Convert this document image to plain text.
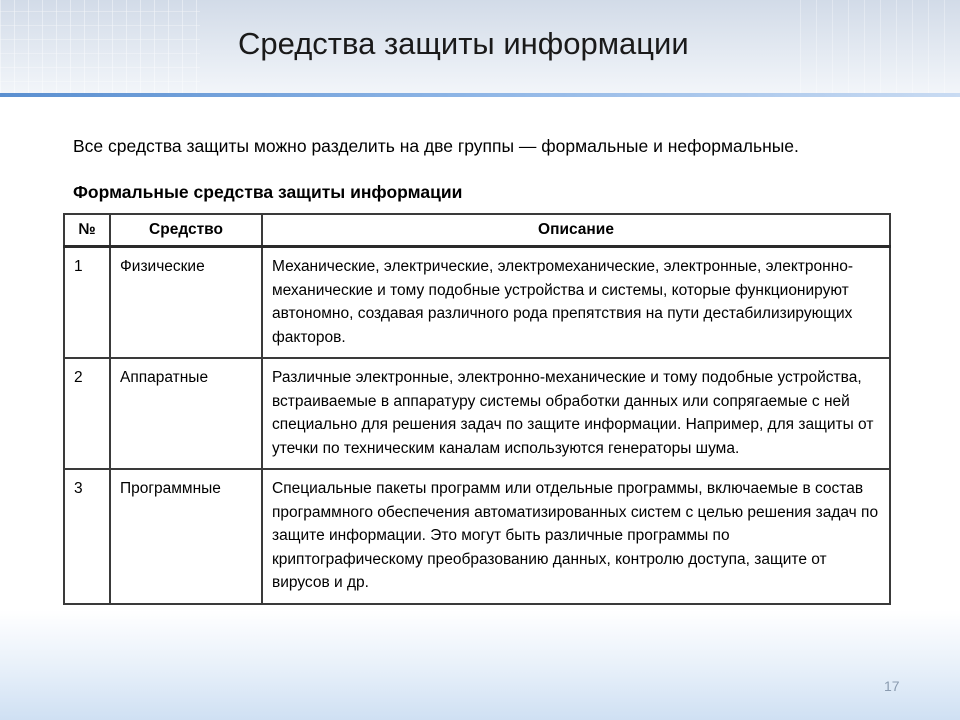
Средства защиты информации
Все средства защиты можно разделить на две группы — формальные и неформальные.
Формальные средства защиты информации
№	Средство	Описание
1	Физические	Механические, электрические, электромеханические, электронные, электронно-механические и тому подобные устройства и системы, которые функционируют автономно, создавая различного рода препятствия на пути дестабилизирующих факторов.
2	Аппаратные	Различные электронные, электронно-механические и тому подобные устройства, встраиваемые в аппаратуру системы обработки данных или сопрягаемые с ней специально для решения задач по защите информации. Например, для защиты от утечки по техническим каналам используются генераторы шума.
3	Программные	Специальные пакеты программ или отдельные программы, включаемые в состав программного обеспечения автоматизированных систем с целью решения задач по защите информации. Это могут быть различные программы по криптографическому преобразованию данных, контролю доступа, защите от вирусов и др.
17
